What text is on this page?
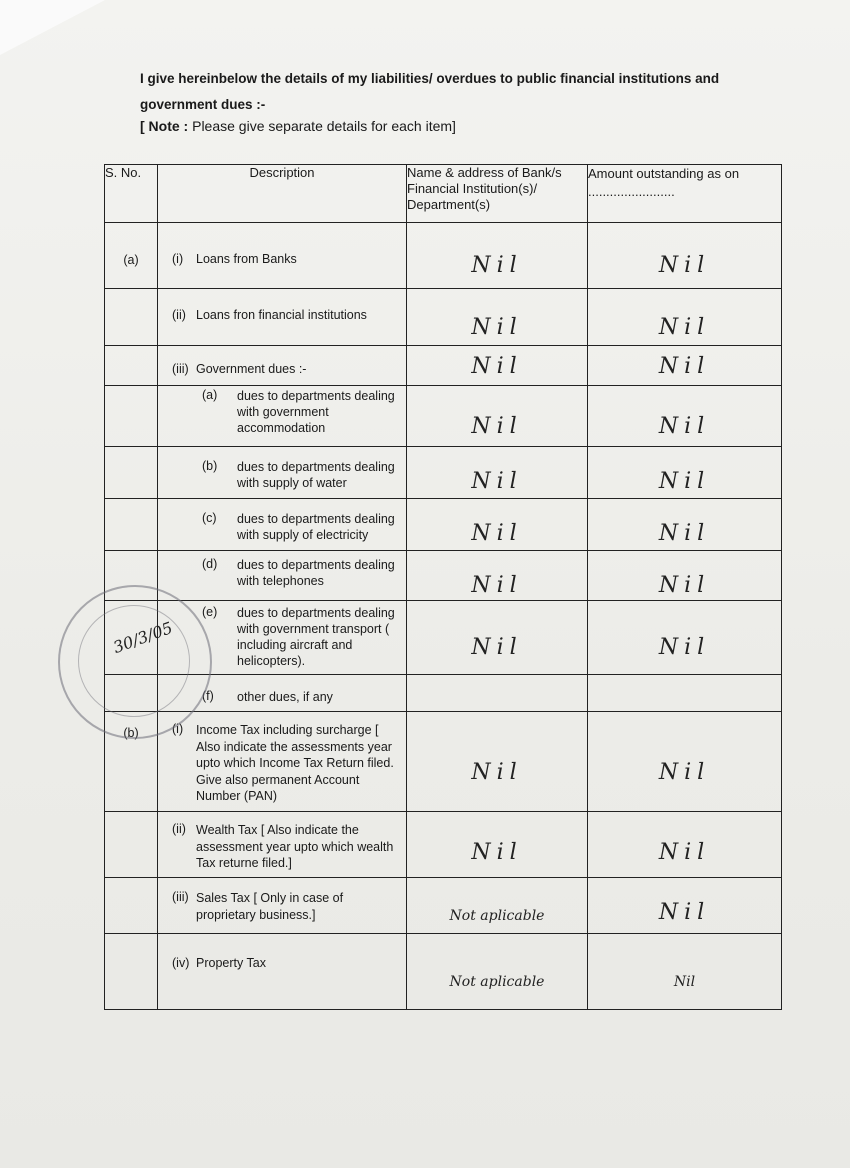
I give hereinbelow the details of my liabilities/ overdues to public financial institutions and government dues :-
[ Note : Please give separate details for each item]
S. No.	Description	Name & address of Bank/s Financial Institution(s)/ Department(s)	Amount outstanding as on ........................
(a)	(i) Loans from Banks	Nil	Nil

	(ii) Loans fron financial institutions	Nil	Nil

	(iii) Government dues :-	Nil	Nil

	(a) dues to departments dealing with government accommodation	Nil	Nil

	(b) dues to departments dealing with supply of water	Nil	Nil

	(c) dues to departments dealing with supply of electricity	Nil	Nil

	(d) dues to departments dealing with telephones	Nil	Nil

	(e) dues to departments dealing with government transport ( including aircraft and helicopters).	Nil	Nil

	(f) other dues, if any		

(b)	(i) Income Tax including surcharge [ Also indicate the assessments year upto which Income Tax Return filed. Give also permanent Account Number (PAN)	Nil	Nil

	(ii) Wealth Tax [ Also indicate the assessment year upto which wealth Tax returne filed.]	Nil	Nil

	(iii) Sales Tax [ Only in case of proprietary business.]	Not aplicable	Nil

	(iv) Property Tax	Not aplicable	Nil
30/3/05
